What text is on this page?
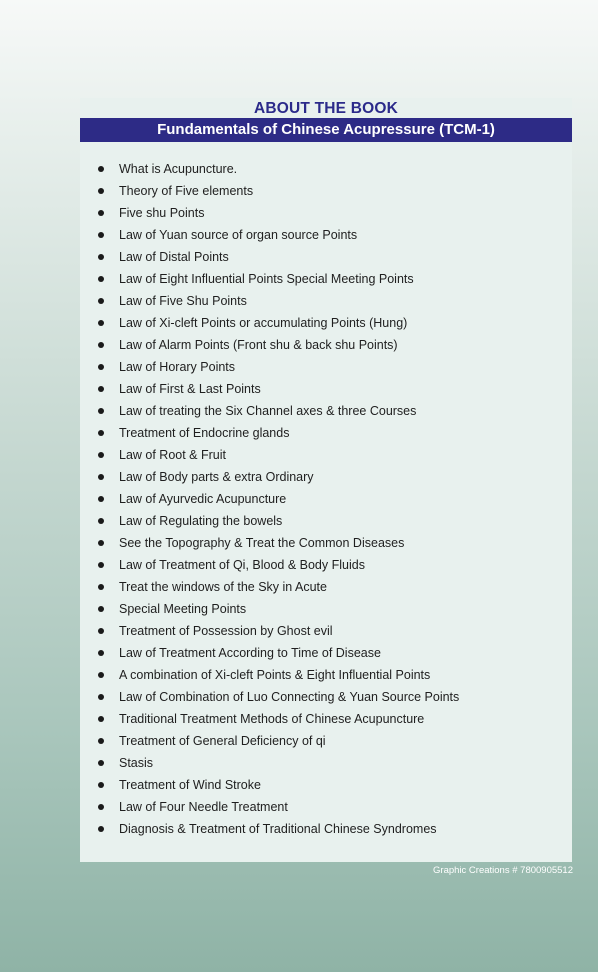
ABOUT THE BOOK
Fundamentals of Chinese Acupressure (TCM-1)
What is Acupuncture.
Theory of Five elements
Five shu Points
Law of Yuan source of organ source Points
Law of Distal Points
Law of Eight Influential Points Special Meeting Points
Law of Five Shu Points
Law of Xi-cleft Points or accumulating Points (Hung)
Law of Alarm Points (Front shu & back shu Points)
Law of Horary Points
Law of First & Last Points
Law of treating the Six Channel axes & three Courses
Treatment of Endocrine glands
Law of Root & Fruit
Law of Body parts & extra Ordinary
Law of Ayurvedic Acupuncture
Law of Regulating the bowels
See the Topography & Treat the Common Diseases
Law of Treatment of Qi, Blood & Body Fluids
Treat the windows of the Sky in Acute
Special Meeting Points
Treatment of Possession by Ghost evil
Law of Treatment According to Time of Disease
A combination of Xi-cleft Points & Eight Influential Points
Law of Combination of Luo Connecting & Yuan Source Points
Traditional Treatment Methods of Chinese Acupuncture
Treatment of General Deficiency of qi
Stasis
Treatment of Wind Stroke
Law of Four Needle Treatment
Diagnosis & Treatment of Traditional Chinese Syndromes
Graphic Creations # 7800905512
